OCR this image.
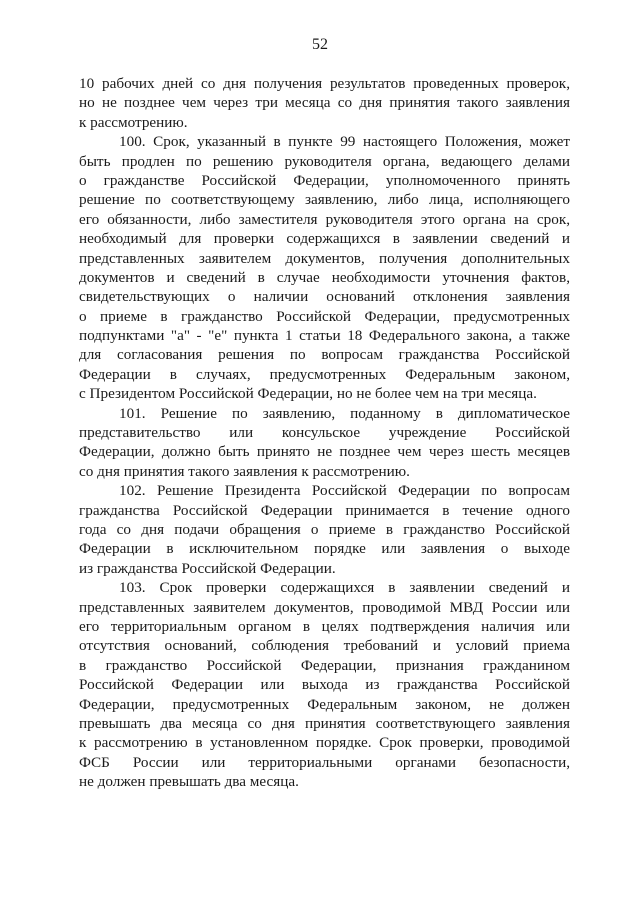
52
10 рабочих дней со дня получения результатов проведенных проверок,
но не позднее чем через три месяца со дня принятия такого заявления
к рассмотрению.
100. Срок, указанный в пункте 99 настоящего Положения, может
быть продлен по решению руководителя органа, ведающего делами
о гражданстве Российской Федерации, уполномоченного принять
решение по соответствующему заявлению, либо лица, исполняющего
его обязанности, либо заместителя руководителя этого органа на срок,
необходимый для проверки содержащихся в заявлении сведений и
представленных заявителем документов, получения дополнительных
документов и сведений в случае необходимости уточнения фактов,
свидетельствующих о наличии оснований отклонения заявления
о приеме в гражданство Российской Федерации, предусмотренных
подпунктами "а" - "е" пункта 1 статьи 18 Федерального закона, а также
для согласования решения по вопросам гражданства Российской
Федерации в случаях, предусмотренных Федеральным законом,
с Президентом Российской Федерации, но не более чем на три месяца.
101. Решение по заявлению, поданному в дипломатическое
представительство или консульское учреждение Российской
Федерации, должно быть принято не позднее чем через шесть месяцев
со дня принятия такого заявления к рассмотрению.
102. Решение Президента Российской Федерации по вопросам
гражданства Российской Федерации принимается в течение одного
года со дня подачи обращения о приеме в гражданство Российской
Федерации в исключительном порядке или заявления о выходе
из гражданства Российской Федерации.
103. Срок проверки содержащихся в заявлении сведений и
представленных заявителем документов, проводимой МВД России или
его территориальным органом в целях подтверждения наличия или
отсутствия оснований, соблюдения требований и условий приема
в гражданство Российской Федерации, признания гражданином
Российской Федерации или выхода из гражданства Российской
Федерации, предусмотренных Федеральным законом, не должен
превышать два месяца со дня принятия соответствующего заявления
к рассмотрению в установленном порядке. Срок проверки, проводимой
ФСБ России или территориальными органами безопасности,
не должен превышать два месяца.
